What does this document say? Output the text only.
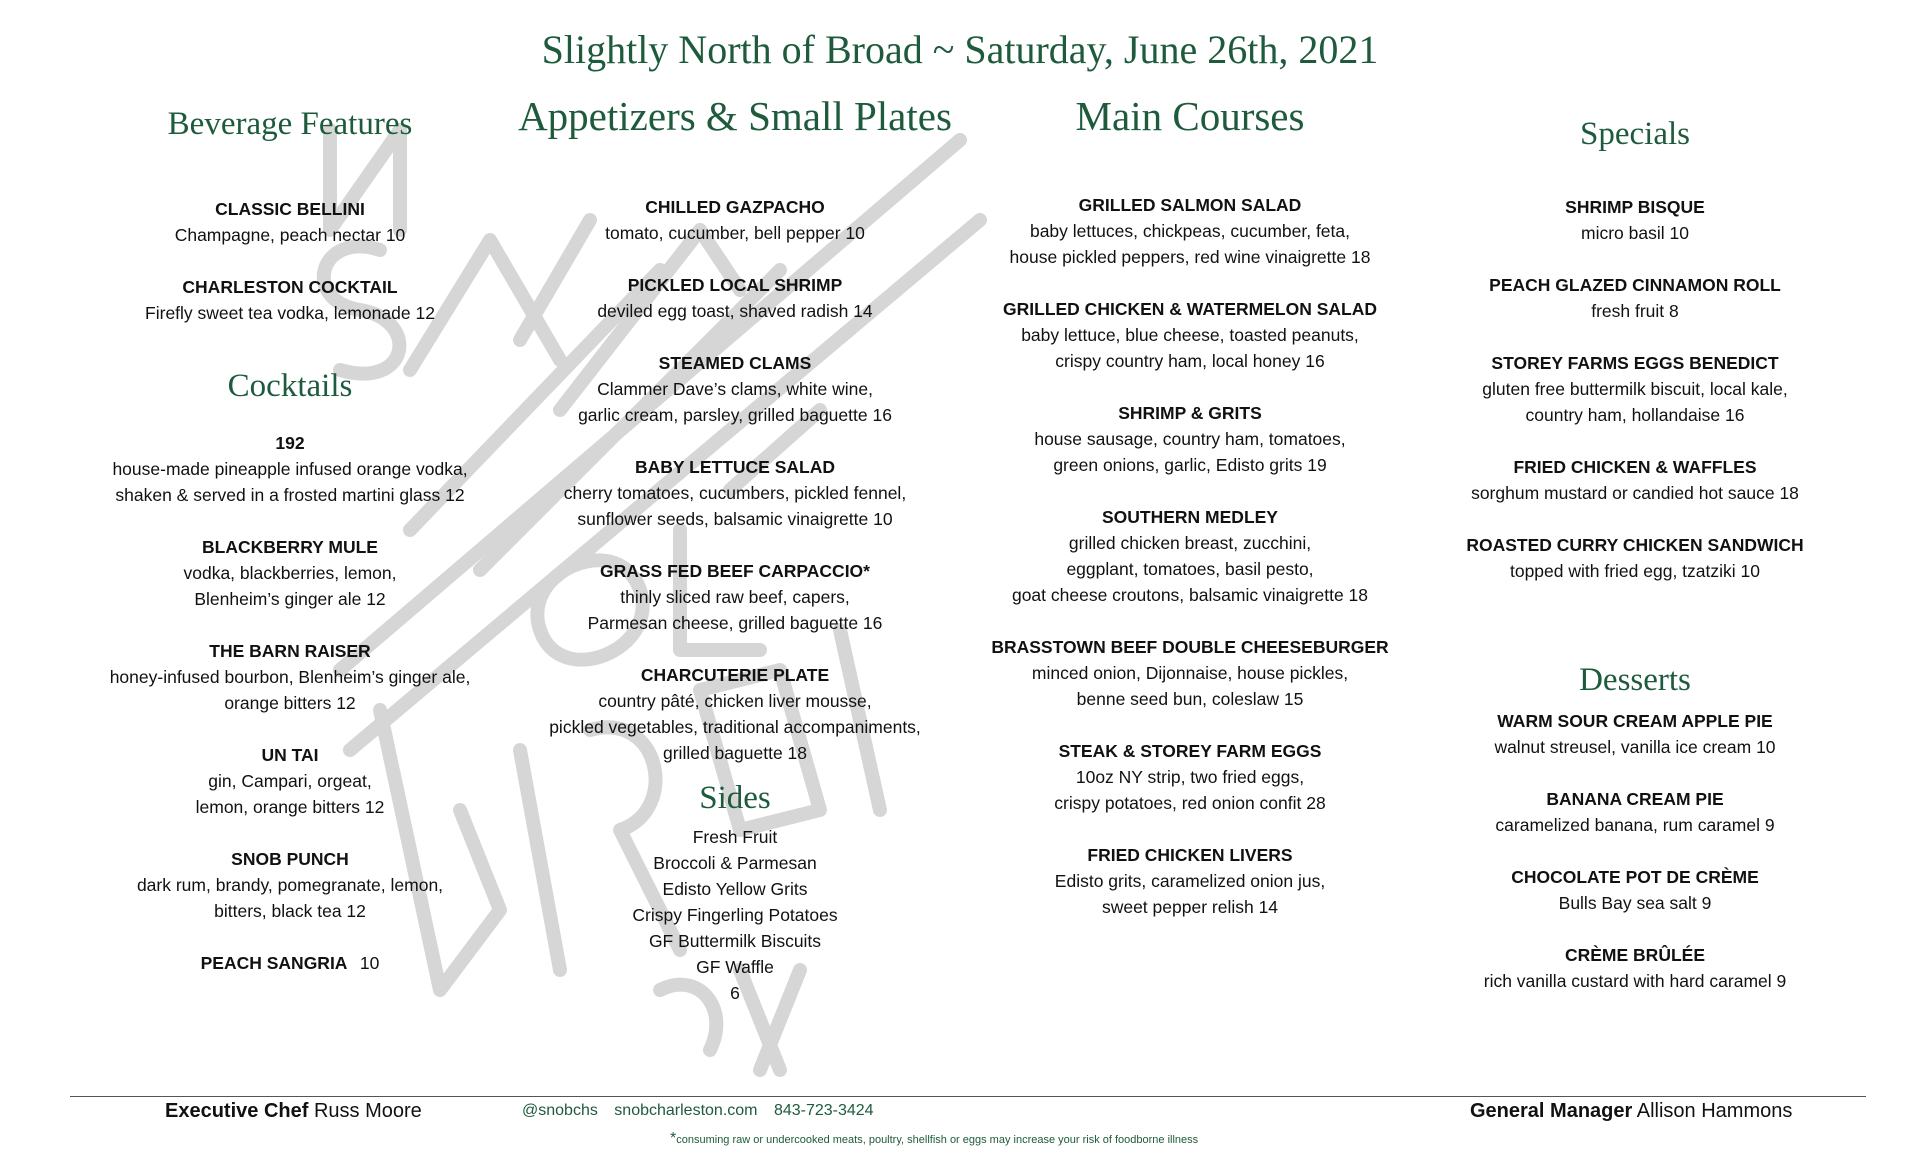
Slightly North of Broad ~ Saturday, June 26th, 2021
Beverage Features
CLASSIC BELLINI
Champagne, peach nectar 10
CHARLESTON COCKTAIL
Firefly sweet tea vodka, lemonade 12
Cocktails
192
house-made pineapple infused orange vodka,
shaken & served in a frosted martini glass 12
BLACKBERRY MULE
vodka, blackberries, lemon,
Blenheim’s ginger ale 12
THE BARN RAISER
honey-infused bourbon, Blenheim’s ginger ale,
orange bitters 12
UN TAI
gin, Campari, orgeat,
lemon, orange bitters 12
SNOB PUNCH
dark rum, brandy, pomegranate, lemon,
bitters, black tea 12
PEACH SANGRIA 10
Appetizers & Small Plates
CHILLED GAZPACHO
tomato, cucumber, bell pepper 10
PICKLED LOCAL SHRIMP
deviled egg toast, shaved radish 14
STEAMED CLAMS
Clammer Dave’s clams, white wine,
garlic cream, parsley, grilled baguette 16
BABY LETTUCE SALAD
cherry tomatoes, cucumbers, pickled fennel,
sunflower seeds, balsamic vinaigrette 10
GRASS FED BEEF CARPACCIO*
thinly sliced raw beef, capers,
Parmesan cheese, grilled baguette 16
CHARCUTERIE PLATE
country pâté, chicken liver mousse,
pickled vegetables, traditional accompaniments,
grilled baguette 18
Sides
Fresh Fruit
Broccoli & Parmesan
Edisto Yellow Grits
Crispy Fingerling Potatoes
GF Buttermilk Biscuits
GF Waffle
6
Main Courses
GRILLED SALMON SALAD
baby lettuces, chickpeas, cucumber, feta,
house pickled peppers, red wine vinaigrette 18
GRILLED CHICKEN & WATERMELON SALAD
baby lettuce, blue cheese, toasted peanuts,
crispy country ham, local honey 16
SHRIMP & GRITS
house sausage, country ham, tomatoes,
green onions, garlic, Edisto grits 19
SOUTHERN MEDLEY
grilled chicken breast, zucchini,
eggplant, tomatoes, basil pesto,
goat cheese croutons, balsamic vinaigrette 18
BRASSTOWN BEEF DOUBLE CHEESEBURGER
minced onion, Dijonnaise, house pickles,
benne seed bun, coleslaw 15
STEAK & STOREY FARM EGGS
10oz NY strip, two fried eggs,
crispy potatoes, red onion confit 28
FRIED CHICKEN LIVERS
Edisto grits, caramelized onion jus,
sweet pepper relish 14
Specials
SHRIMP BISQUE
micro basil 10
PEACH GLAZED CINNAMON ROLL
fresh fruit 8
STOREY FARMS EGGS BENEDICT
gluten free buttermilk biscuit, local kale,
country ham, hollandaise 16
FRIED CHICKEN & WAFFLES
sorghum mustard or candied hot sauce 18
ROASTED CURRY CHICKEN SANDWICH
topped with fried egg, tzatziki 10
Desserts
WARM SOUR CREAM APPLE PIE
walnut streusel, vanilla ice cream 10
BANANA CREAM PIE
caramelized banana, rum caramel 9
CHOCOLATE POT DE CRÈME
Bulls Bay sea salt 9
CRÈME BRÛLÉE
rich vanilla custard with hard caramel 9
Executive Chef Russ Moore	@snobchs snobcharleston.com 843-723-3424
*consuming raw or undercooked meats, poultry, shellfish or eggs may increase your risk of foodborne illness
General Manager Allison Hammons
